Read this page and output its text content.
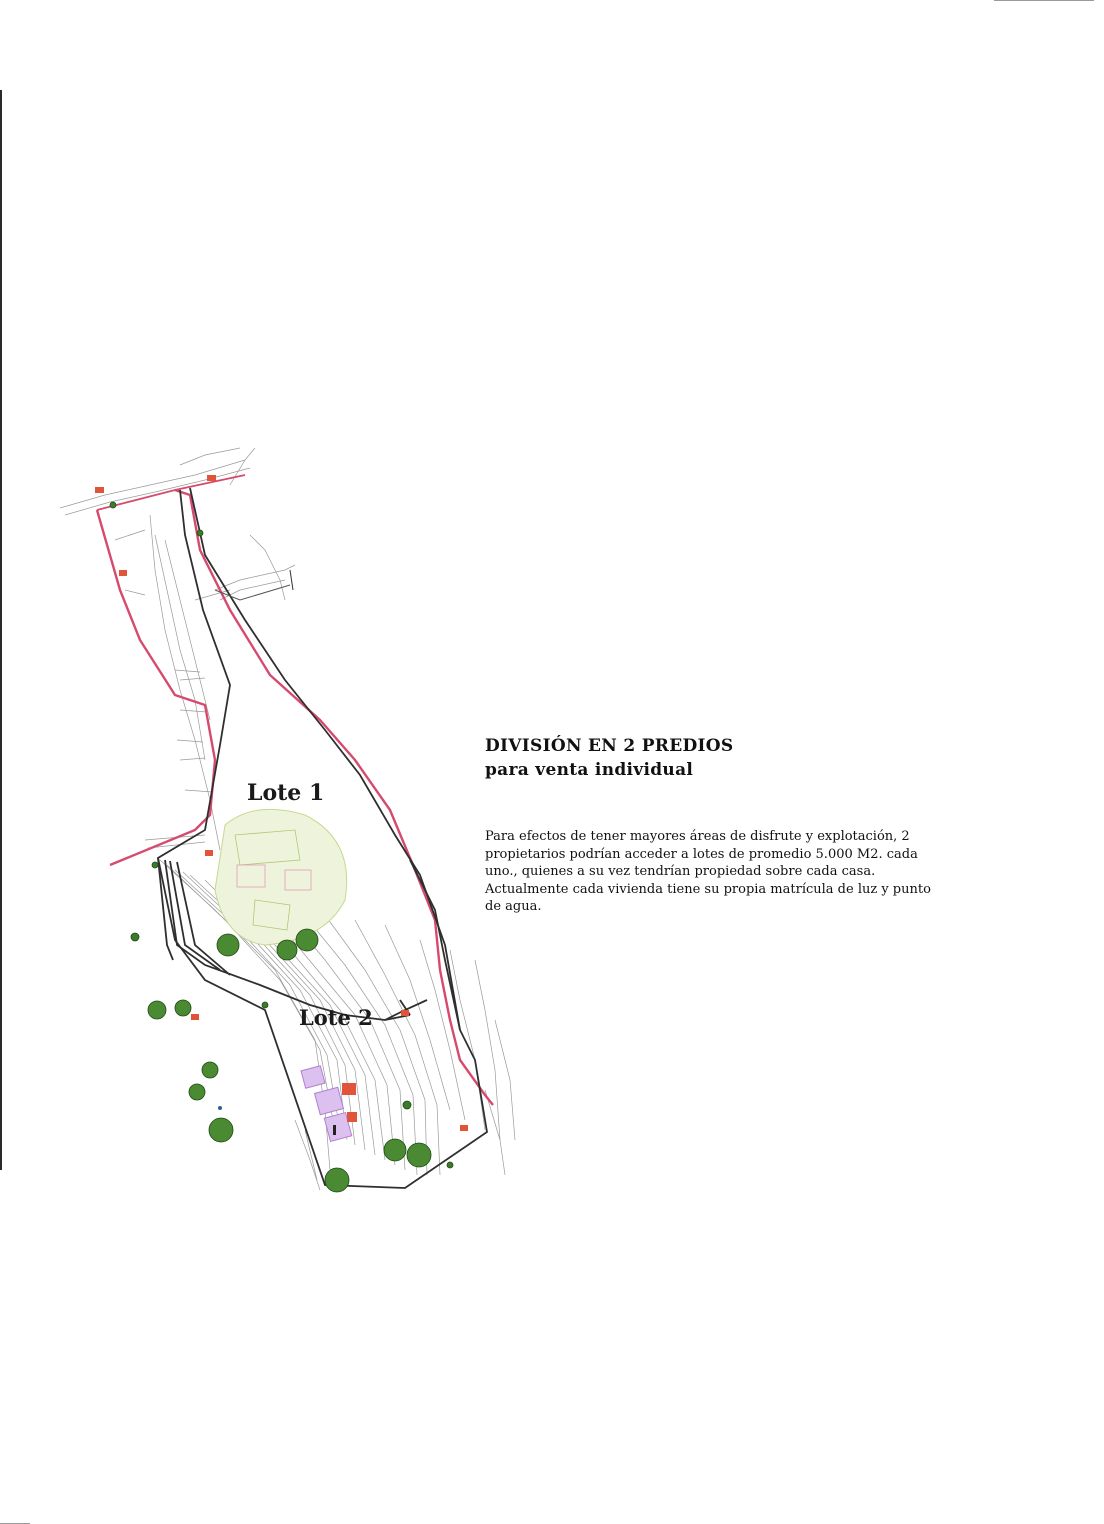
Lote 1
Lote 2
DIVISIÓN EN 2 PREDIOS
para venta individual

Para efectos de tener mayores áreas de disfrute y explotación, 2 propietarios podrían acceder a lotes de promedio 5.000 M2. cada uno., quienes a su vez tendrían propiedad sobre cada casa. Actualmente cada vivienda tiene su propia matrícula de luz y punto de agua.
